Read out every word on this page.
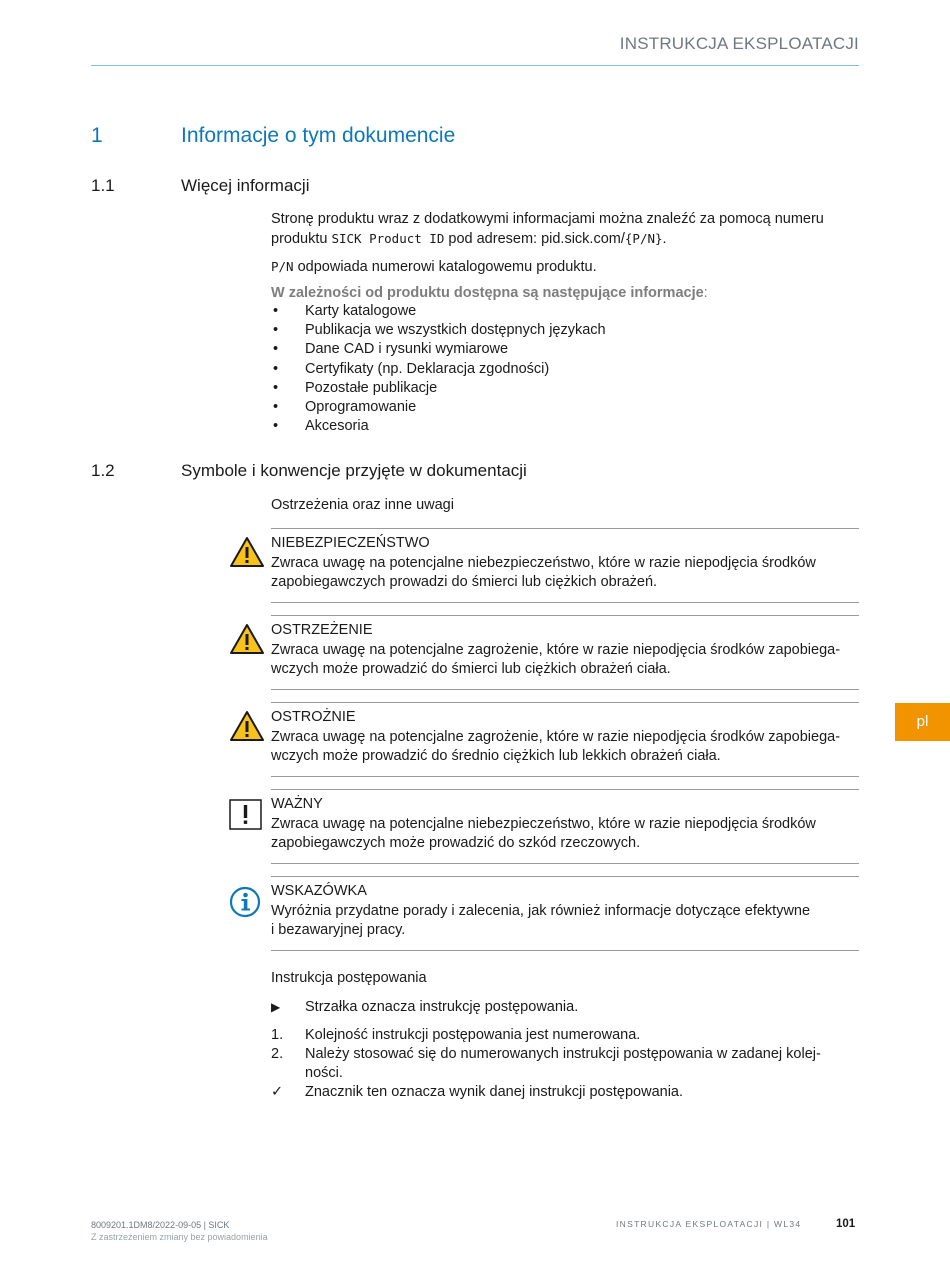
INSTRUKCJA EKSPLOATACJI
1	Informacje o tym dokumencie
1.1	Więcej informacji
Stronę produktu wraz z dodatkowymi informacjami można znaleźć za pomocą numeru produktu SICK Product ID pod adresem: pid.sick.com/{P/N}.
P/N odpowiada numerowi katalogowemu produktu.
W zależności od produktu dostępna są następujące informacje:
• Karty katalogowe
• Publikacja we wszystkich dostępnych językach
• Dane CAD i rysunki wymiarowe
• Certyfikaty (np. Deklaracja zgodności)
• Pozostałe publikacje
• Oprogramowanie
• Akcesoria
1.2	Symbole i konwencje przyjęte w dokumentacji
Ostrzeżenia oraz inne uwagi
NIEBEZPIECZEŃSTWO
Zwraca uwagę na potencjalne niebezpieczeństwo, które w razie niepodjęcia środków
zapobiegawczych prowadzi do śmierci lub ciężkich obrażeń.
OSTRZEŻENIE
Zwraca uwagę na potencjalne zagrożenie, które w razie niepodjęcia środków zapobiega-
wczych może prowadzić do śmierci lub ciężkich obrażeń ciała.
OSTROŻNIE
Zwraca uwagę na potencjalne zagrożenie, które w razie niepodjęcia środków zapobiega-
wczych może prowadzić do średnio ciężkich lub lekkich obrażeń ciała.
WAŻNY
Zwraca uwagę na potencjalne niebezpieczeństwo, które w razie niepodjęcia środków
zapobiegawczych może prowadzić do szkód rzeczowych.
WSKAZÓWKA
Wyróżnia przydatne porady i zalecenia, jak również informacje dotyczące efektywne
i bezawaryjnej pracy.
Instrukcja postępowania
▶ Strzałka oznacza instrukcję postępowania.
1. Kolejność instrukcji postępowania jest numerowana.
2. Należy stosować się do numerowanych instrukcji postępowania w zadanej kolej-
ności.
✓ Znacznik ten oznacza wynik danej instrukcji postępowania.
pl
8009201.1DM8/2022-09-05 | SICK
Z zastrzeżeniem zmiany bez powiadomienia
INSTRUKCJA EKSPLOATACJI | WL34	101
